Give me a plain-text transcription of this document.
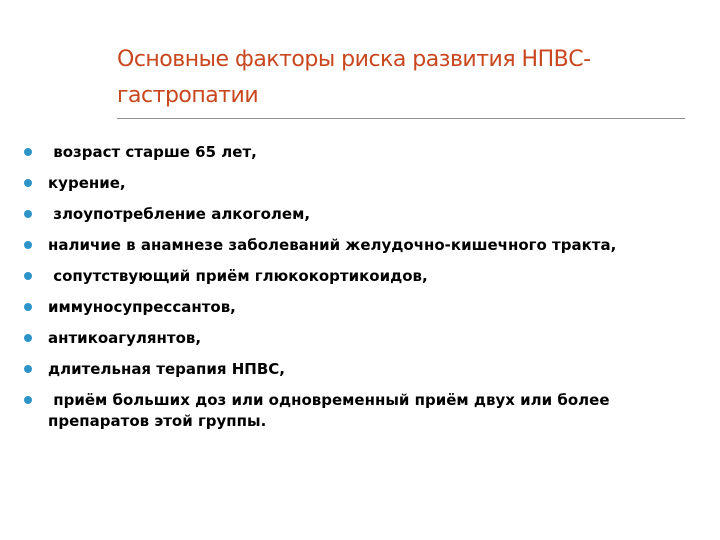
Основные факторы риска развития НПВС-гастропатии
возраст старше 65 лет,
курение,
злоупотребление алкоголем,
наличие в анамнезе заболеваний желудочно-кишечного тракта,
сопутствующий приём глюкокортикоидов,
иммуносупрессантов,
антикоагулянтов,
длительная терапия НПВС,
приём больших доз или одновременный приём двух или более препаратов этой группы.
